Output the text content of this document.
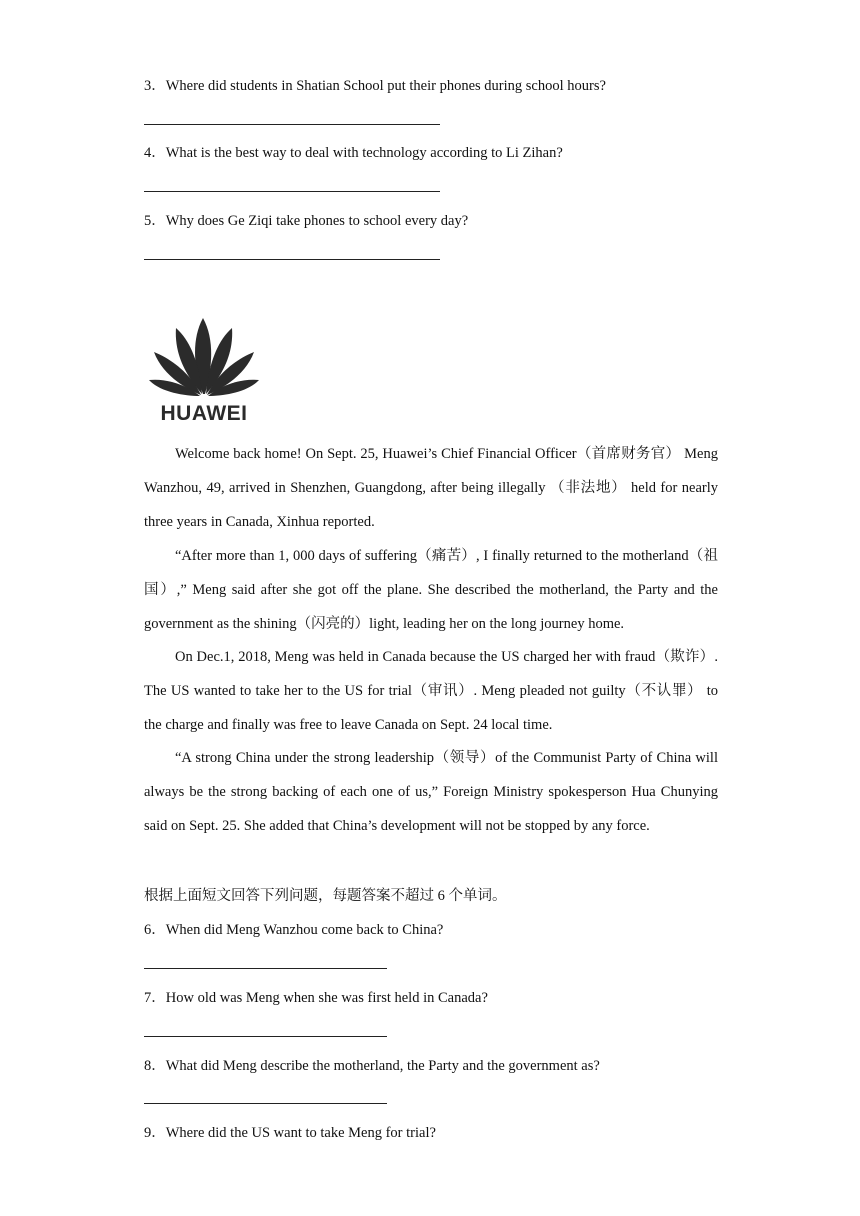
3．Where did students in Shatian School put their phones during school hours?
4．What is the best way to deal with technology according to Li Zihan?
5．Why does Ge Ziqi take phones to school every day?
HUAWEI
Welcome back home! On Sept. 25, Huawei’s Chief Financial Officer（首席财务官） Meng Wanzhou, 49, arrived in Shenzhen, Guangdong, after being illegally （非法地） held for nearly three years in Canada, Xinhua reported.
“After more than 1, 000 days of suffering（痛苦）, I finally returned to the motherland（祖国）,” Meng said after she got off the plane. She described the motherland, the Party and the government as the shining（闪亮的）light, leading her on the long journey home.
On Dec.1, 2018, Meng was held in Canada because the US charged her with fraud（欺诈）. The US wanted to take her to the US for trial（审讯）. Meng pleaded not guilty（不认罪） to the charge and finally was free to leave Canada on Sept. 24 local time.
“A strong China under the strong leadership（领导）of the Communist Party of China will always be the strong backing of each one of us,” Foreign Ministry spokesperson Hua Chunying said on Sept. 25. She added that China’s development will not be stopped by any force.
根据上面短文回答下列问题，每题答案不超过 6 个单词。
6．When did Meng Wanzhou come back to China?
7．How old was Meng when she was first held in Canada?
8．What did Meng describe the motherland, the Party and the government as?
9．Where did the US want to take Meng for trial?
